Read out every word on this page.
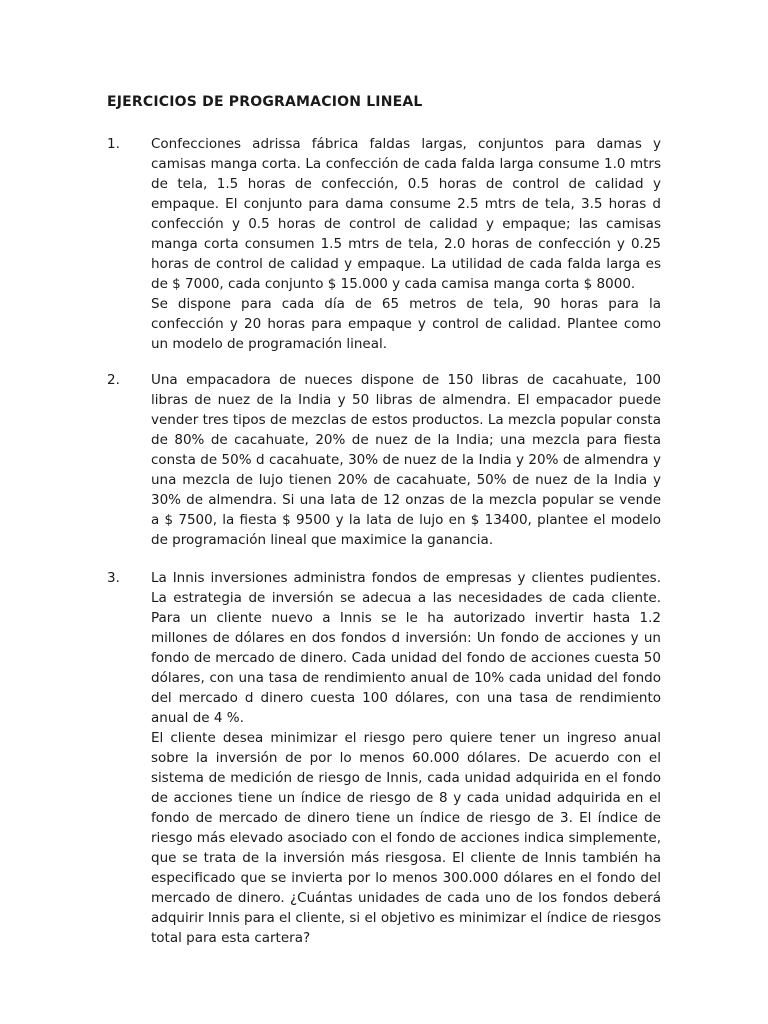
EJERCICIOS DE PROGRAMACION LINEAL
1. Confecciones adrissa fábrica faldas largas, conjuntos para damas y camisas manga corta. La confección de cada falda larga consume 1.0 mtrs de tela, 1.5 horas de confección, 0.5 horas de control de calidad y empaque. El conjunto para dama consume 2.5 mtrs de tela, 3.5 horas d confección y 0.5 horas de control de calidad y empaque; las camisas manga corta consumen 1.5 mtrs de tela, 2.0 horas de confección y 0.25 horas de control de calidad y empaque. La utilidad de cada falda larga es de $ 7000, cada conjunto $ 15.000 y cada camisa manga corta $ 8000.

Se dispone para cada día de 65 metros de tela, 90 horas para la confección y 20 horas para empaque y control de calidad. Plantee como un modelo de programación lineal.

2. Una empacadora de nueces dispone de 150 libras de cacahuate, 100 libras de nuez de la India y 50 libras de almendra. El empacador puede vender tres tipos de mezclas de estos productos. La mezcla popular consta de 80% de cacahuate, 20% de nuez de la India; una mezcla para fiesta consta de 50% d cacahuate, 30% de nuez de la India y 20% de almendra y una mezcla de lujo tienen 20% de cacahuate, 50% de nuez de la India y 30% de almendra. Si una lata de 12 onzas de la mezcla popular se vende a $ 7500, la fiesta $ 9500 y la lata de lujo en $ 13400, plantee el modelo de programación lineal que maximice la ganancia.

3. La Innis inversiones administra fondos de empresas y clientes pudientes. La estrategia de inversión se adecua a las necesidades de cada cliente. Para un cliente nuevo a Innis se le ha autorizado invertir hasta 1.2 millones de dólares en dos fondos d inversión: Un fondo de acciones y un fondo de mercado de dinero. Cada unidad del fondo de acciones cuesta 50 dólares, con una tasa de rendimiento anual de 10% cada unidad del fondo del mercado d dinero cuesta 100 dólares, con una tasa de rendimiento anual de 4 %.

El cliente desea minimizar el riesgo pero quiere tener un ingreso anual sobre la inversión de por lo menos 60.000 dólares. De acuerdo con el sistema de medición de riesgo de Innis, cada unidad adquirida en el fondo de acciones tiene un índice de riesgo de 8 y cada unidad adquirida en el fondo de mercado de dinero tiene un índice de riesgo de 3. El índice de riesgo más elevado asociado con el fondo de acciones indica simplemente, que se trata de la inversión más riesgosa. El cliente de Innis también ha especificado que se invierta por lo menos 300.000 dólares en el fondo del mercado de dinero. ¿Cuántas unidades de cada uno de los fondos deberá adquirir Innis para el cliente, si el objetivo es minimizar el índice de riesgos total para esta cartera?
